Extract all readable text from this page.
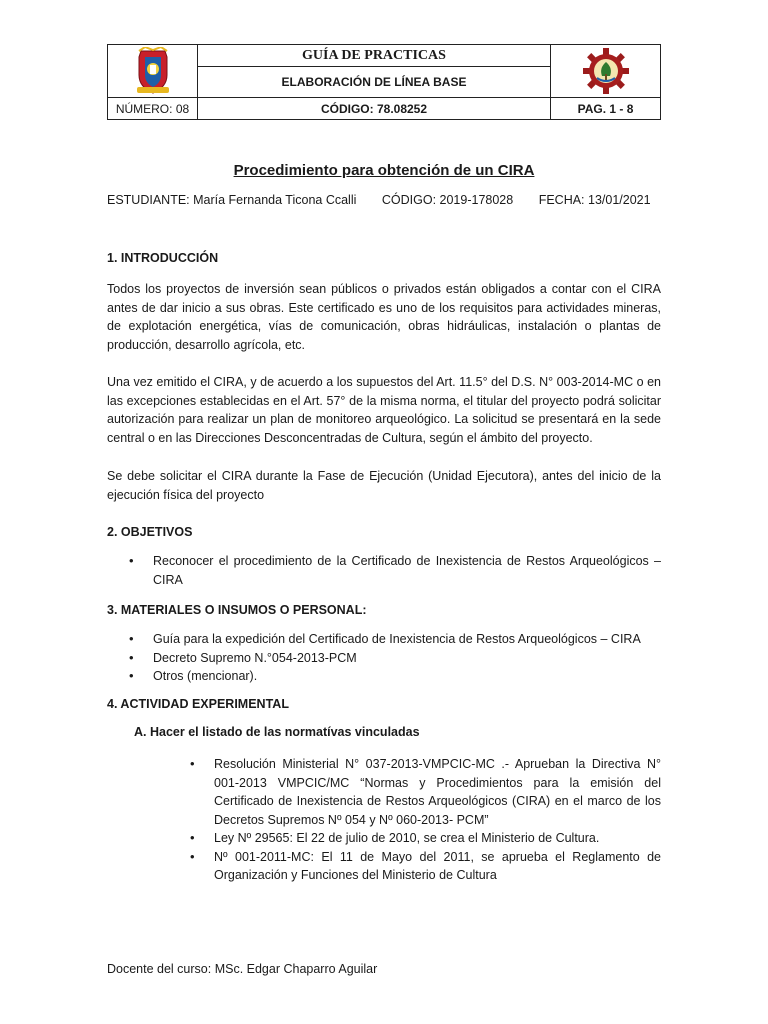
	GUÍA DE PRACTICAS	

	ELABORACIÓN DE LÍNEA BASE	
NÚMERO: 08	CÓDIGO: 78.08252	PAG. 1 - 8
Procedimiento para obtención de un CIRA
ESTUDIANTE: María Fernanda Ticona Ccalli CÓDIGO: 2019-178028 FECHA: 13/01/2021
1. INTRODUCCIÓN
Todos los proyectos de inversión sean públicos o privados están obligados a contar con el CIRA antes de dar inicio a sus obras. Este certificado es uno de los requisitos para actividades mineras, de explotación energética, vías de comunicación, obras hidráulicas, instalación o plantas de producción, desarrollo agrícola, etc.
Una vez emitido el CIRA, y de acuerdo a los supuestos del Art. 11.5° del D.S. N° 003-2014-MC o en las excepciones establecidas en el Art. 57° de la misma norma, el titular del proyecto podrá solicitar autorización para realizar un plan de monitoreo arqueológico. La solicitud se presentará en la sede central o en las Direcciones Desconcentradas de Cultura, según el ámbito del proyecto.
Se debe solicitar el CIRA durante la Fase de Ejecución (Unidad Ejecutora), antes del inicio de la ejecución física del proyecto
2. OBJETIVOS
• Reconocer el procedimiento de la Certificado de Inexistencia de Restos Arqueológicos – CIRA
3. MATERIALES O INSUMOS O PERSONAL:
• Guía para la expedición del Certificado de Inexistencia de Restos Arqueológicos – CIRA
• Decreto Supremo N.°054-2013-PCM
• Otros (mencionar).
4. ACTIVIDAD EXPERIMENTAL
A. Hacer el listado de las normatívas vinculadas
• Resolución Ministerial N° 037-2013-VMPCIC-MC .- Aprueban la Directiva N° 001-2013 VMPCIC/MC “Normas y Procedimientos para la emisión del Certificado de Inexistencia de Restos Arqueológicos (CIRA) en el marco de los Decretos Supremos Nº 054 y Nº 060-2013- PCM”
• Ley Nº 29565: El 22 de julio de 2010, se crea el Ministerio de Cultura.
• Nº 001-2011-MC: El 11 de Mayo del 2011, se aprueba el Reglamento de Organización y Funciones del Ministerio de Cultura
Docente del curso: MSc. Edgar Chaparro Aguilar
